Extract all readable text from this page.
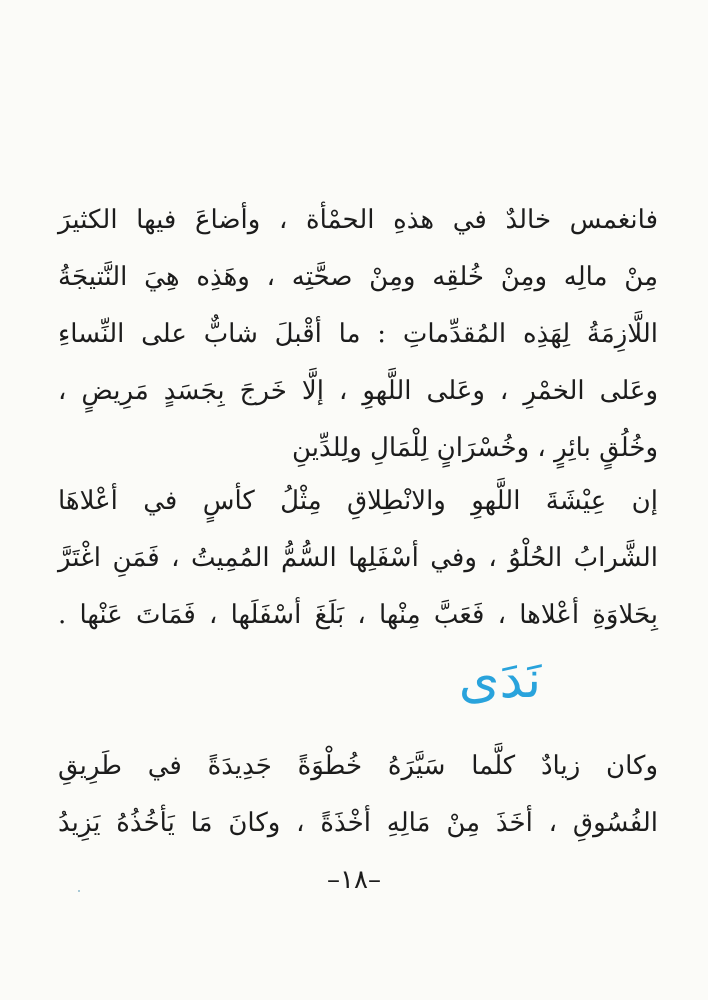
فانغمس خالدٌ في هذهِ الحمْأة ، وأضاعَ فيها الكثيرَ
مِنْ مالِه ومِنْ خُلقِه ومِنْ صحَّتِه ، وهَذِه هِيَ النَّتيجَةُ
اللَّازِمَةُ لِهَذِه المُقدِّماتِ : ما أقْبلَ شابٌّ على النِّساءِ
وعَلى الخمْرِ ، وعَلى اللَّهوِ ، إلَّا خَرجَ بِجَسَدٍ مَرِيضٍ ،
وخُلُقٍ بائِرٍ ، وخُسْرَانٍ لِلْمَالِ ولِلدِّينِ
إن عِيْشَةَ اللَّهوِ والانْطِلاقِ مِثْلُ كأسٍ في أعْلاهَا
الشَّرابُ الحُلْوُ ، وفي أسْفَلِها السُّمُّ المُمِيتُ ، فَمَنِ اغْتَرَّ
بِحَلاوَةِ أعْلاها ، فَعَبَّ مِنْها ، بَلَغَ أسْفَلَها ، فَمَاتَ عَنْها .
نَدَى
وكان زيادٌ كلَّما سَيَّرَهُ خُطْوَةً جَدِيدَةً في طَرِيقِ
الفُسُوقِ ، أخَذَ مِنْ مَالِهِ أخْذَةً ، وكانَ مَا يَأخُذُهُ يَزِيدُ
–١٨–
